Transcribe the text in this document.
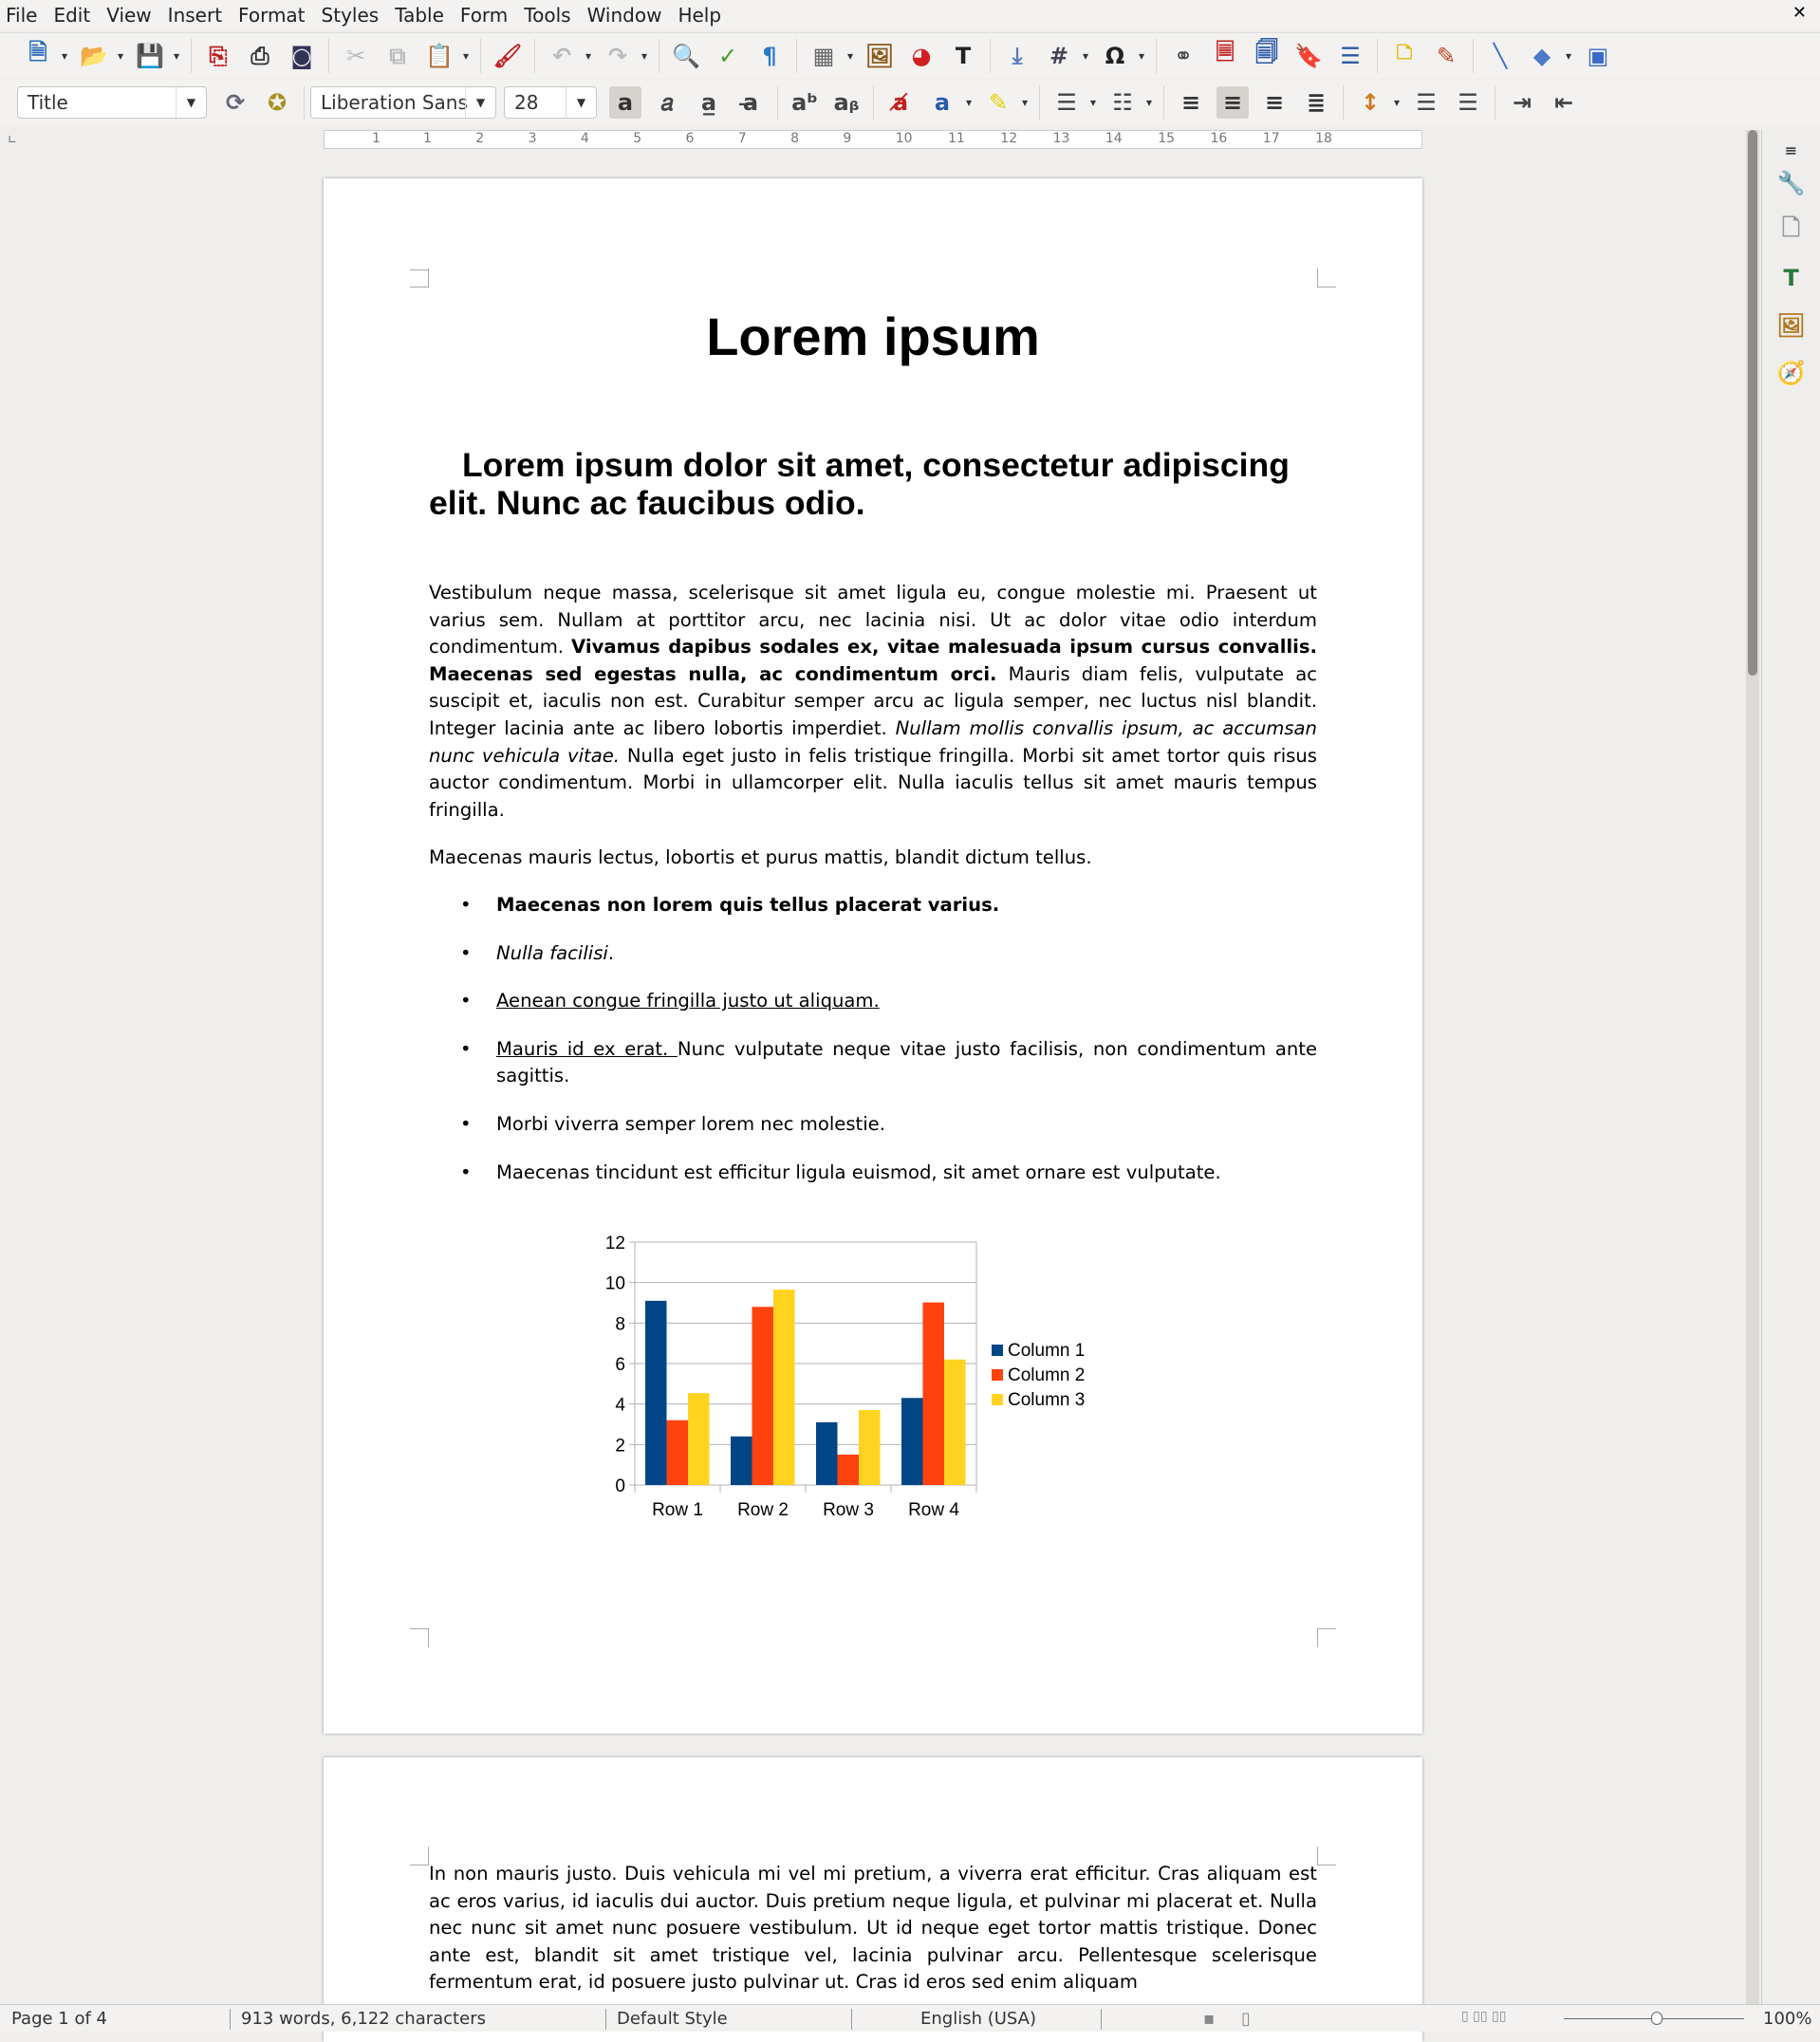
File Edit View Insert Format Styles Table Form Tools Window Help	✕
🗎 ▾	📂 ▾ 💾 ▾	⎘	⎙ ◙ ✂	⧉ 📋 ▾ 🖌 ↶ ▾ ↷ ▾ 🔍 ✓	¶	▦ ▾ 🖼 ◕	T	⤓	# ▾ Ω ▾ ⚭	🗏 🗐 🔖 ☰	🗅	✎	╲	◆ ▾	▣
Title	▼	⟳ ✪	Liberation Sans ▼	28	▼	a	𝑎	a̲	a̶	aᵇ aᵦ	a̸	a ▾	✎ ▾ ☰ ▾ ☷ ▾ ≡ ≡ ≡ ≣ ↕ ▾ ☰ ☰ ⇥ ⇤
∟	1	1	2	3	4	5	6	7	8	9	10	11	12	13	14	15	16	17	18
Lorem ipsum
Lorem ipsum dolor sit amet, consectetur adipiscing elit. Nunc ac faucibus odio.
Vestibulum neque massa, scelerisque sit amet ligula eu, congue molestie mi. Praesent ut varius sem. Nullam at porttitor arcu, nec lacinia nisi. Ut ac dolor vitae odio interdum condimentum. Vivamus dapibus sodales ex, vitae malesuada ipsum cursus convallis. Maecenas sed egestas nulla, ac condimentum orci. Mauris diam felis, vulputate ac suscipit et, iaculis non est. Curabitur semper arcu ac ligula semper, nec luctus nisl blandit. Integer lacinia ante ac libero lobortis imperdiet. Nullam mollis convallis ipsum, ac accumsan nunc vehicula vitae. Nulla eget justo in felis tristique fringilla. Morbi sit amet tortor quis risus auctor condimentum. Morbi in ullamcorper elit. Nulla iaculis tellus sit amet mauris tempus fringilla.
Maecenas mauris lectus, lobortis et purus mattis, blandit dictum tellus.
• Maecenas non lorem quis tellus placerat varius.
• Nulla facilisi.
• Aenean congue fringilla justo ut aliquam.
• Mauris id ex erat. Nunc vulputate neque vitae justo facilisis, non condimentum ante sagittis.
• Morbi viverra semper lorem nec molestie.
• Maecenas tincidunt est efficitur ligula euismod, sit amet ornare est vulputate.
0
2
4
6
8
10
12
Row 1 Row 2 Row 3 Row 4
Column 1
Column 2
Column 3
In non mauris justo. Duis vehicula mi vel mi pretium, a viverra erat efficitur. Cras aliquam est ac eros varius, id iaculis dui auctor. Duis pretium neque ligula, et pulvinar mi placerat et. Nulla nec nunc sit amet nunc posuere vestibulum. Ut id neque eget tortor mattis tristique. Donec ante est, blandit sit amet tristique vel, lacinia pulvinar arcu. Pellentesque scelerisque fermentum erat, id posuere justo pulvinar ut. Cras id eros sed enim aliquam
≡
🔧
🗋
T
🖼
🧭
Page 1 of 4	913 words, 6,122 characters	Default Style	English (USA)	▪ ▯	▯ ▯▯ ▯▯	100%
